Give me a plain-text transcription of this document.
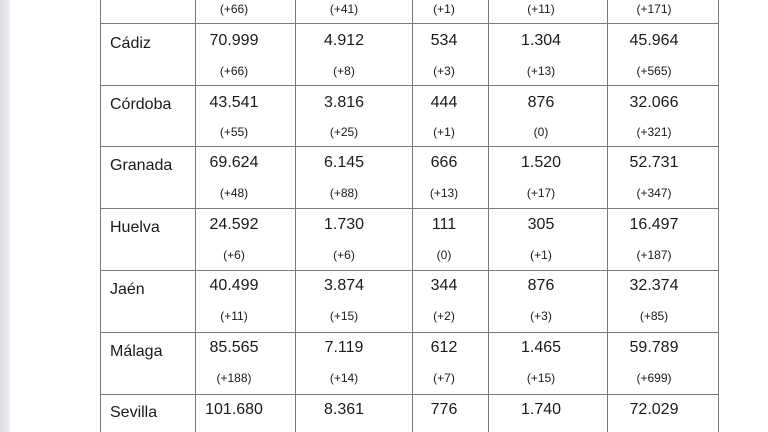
(+66)	(+41)	(+1)	(+11)	(+171)
Cádiz	70.999	4.912	534	1.304	45.964
(+66)	(+8)	(+3)	(+13)	(+565)
Córdoba 43.541	3.816	444	876	32.066
(+55)	(+25)	(+1)	(0)	(+321)
Granada 69.624	6.145	666	1.520	52.731
(+48)	(+88)	(+13)	(+17)	(+347)
Huelva	24.592	1.730	111	305	16.497
(+6)	(+6)	(0)	(+1)	(+187)
Jaén	40.499	3.874	344	876	32.374
(+11)	(+15)	(+2)	(+3)	(+85)
Málaga	85.565	7.119	612	1.465	59.789
(+188)	(+14)	(+7)	(+15)	(+699)
Sevilla	101.680	8.361	776	1.740	72.029
